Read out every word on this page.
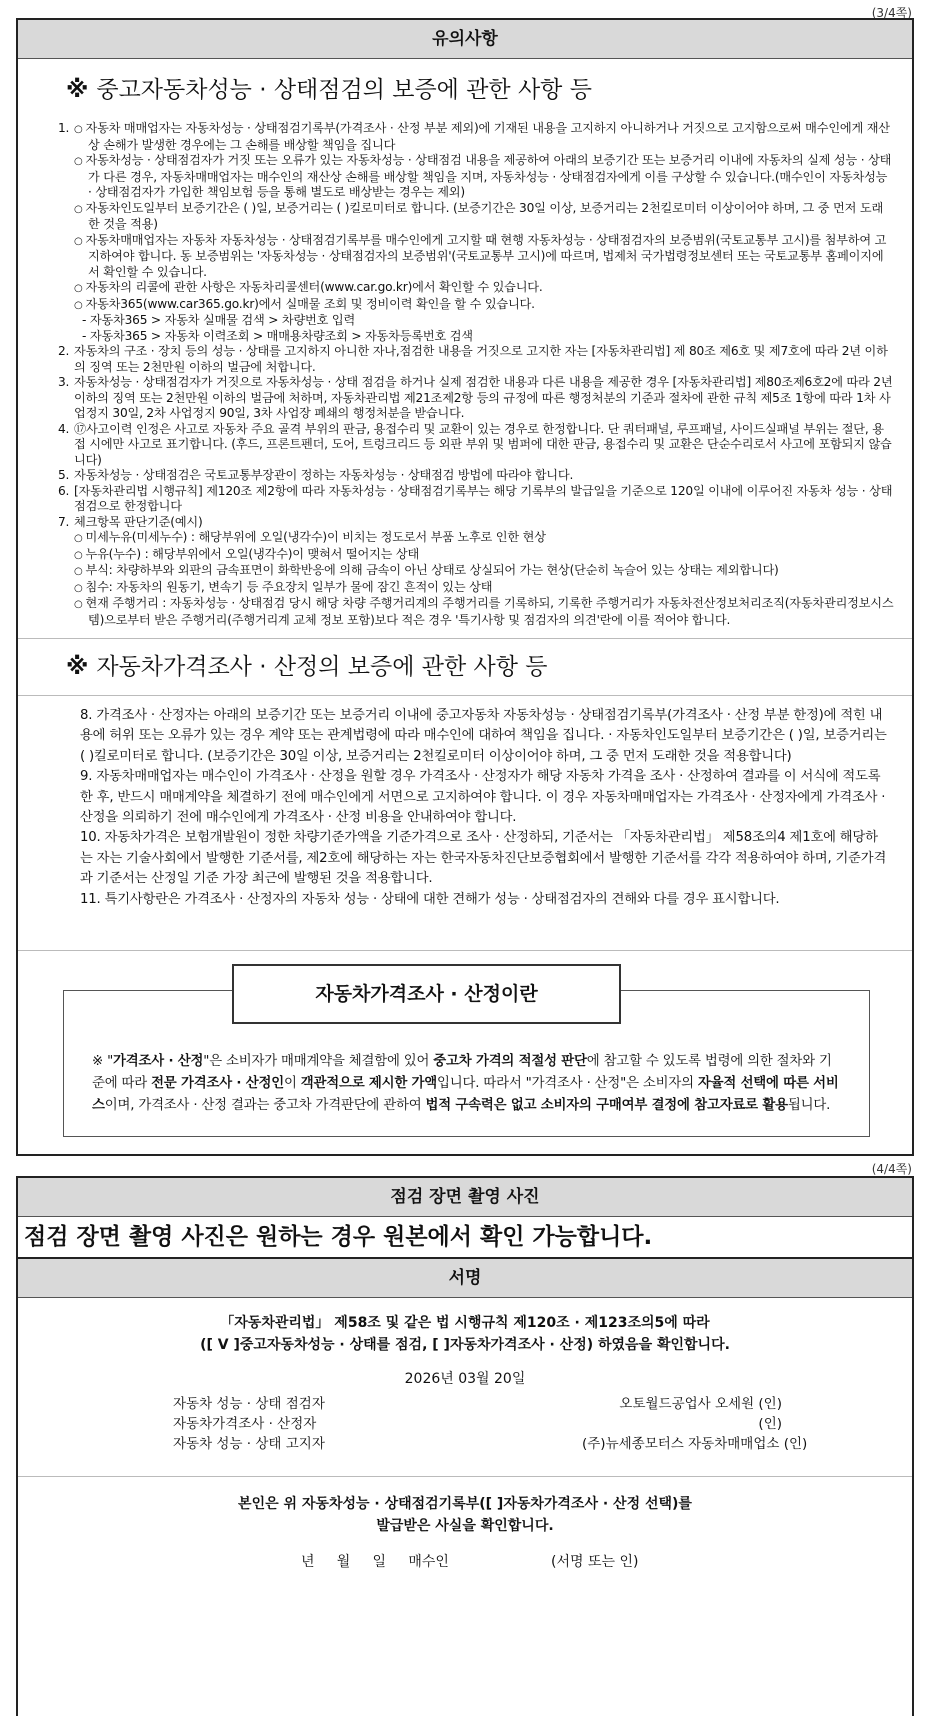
(3/4쪽)
유의사항
※ 중고자동차성능 · 상태점검의 보증에 관한 사항 등
1.
○	자동차 매매업자는 자동차성능 · 상태점검기록부(가격조사 · 산정 부분 제외)에 기재된 내용을 고지하지 아니하거나 거짓으로 고지함으로써 매수인에게 재산상 손해가 발생한 경우에는 그 손해를 배상할 책임을 집니다
○ 자동차성능 · 상태점검자가 거짓 또는 오류가 있는 자동차성능 · 상태점검 내용을 제공하여 아래의 보증기간 또는 보증거리 이내에 자동차의 실제 성능 · 상태가 다른 경우, 자동차매매업자는 매수인의 재산상 손해를 배상할 책임을 지며, 자동차성능 · 상태점검자에게 이를 구상할 수 있습니다.(매수인이 자동차성능 · 상태점검자가 가입한 책임보험 등을 통해 별도로 배상받는 경우는 제외)
○ 자동차인도일부터 보증기간은 ( )일, 보증거리는 ( )킬로미터로 합니다. (보증기간은 30일 이상, 보증거리는 2천킬로미터 이상이어야 하며, 그 중 먼저 도래한 것을 적용)
○ 자동차매매업자는 자동차 자동차성능 · 상태점검기록부를 매수인에게 고지할 때 현행 자동차성능 · 상태점검자의 보증범위(국토교통부 고시)를 첨부하여 고지하여야 합니다. 동 보증범위는 '자동차성능 · 상태점검자의 보증범위'(국토교통부 고시)에 따르며, 법제처 국가법령정보센터 또는 국토교통부 홈페이지에서 확인할 수 있습니다.
○ 자동차의 리콜에 관한 사항은 자동차리콜센터(www.car.go.kr)에서 확인할 수 있습니다.
○ 자동차365(www.car365.go.kr)에서 실매물 조회 및 정비이력 확인을 할 수 있습니다.
- 자동차365 > 자동차 실매물 검색 > 차량번호 입력
- 자동차365 > 자동차 이력조회 > 매매용차량조회 > 자동차등록번호 검색
2. 자동차의 구조 · 장치 등의 성능 · 상태를 고지하지 아니한 자나,점검한 내용을 거짓으로 고지한 자는 [자동차관리법] 제 80조 제6호 및 제7호에 따라 2년 이하의 징역 또는 2천만원 이하의 벌금에 처합니다.
3. 자동차성능 · 상태점검자가 거짓으로 자동차성능 · 상태 점검을 하거나 실제 점검한 내용과 다른 내용을 제공한 경우 [자동차관리법] 제80조제6호2에 따라 2년이하의 징역 또는 2천만원 이하의 벌금에 처하며, 자동차관리법 제21조제2항 등의 규정에 따른 행정처분의 기준과 절차에 관한 규칙 제5조 1항에 따라 1차 사업정지 30일, 2차 사업정지 90일, 3차 사업장 폐쇄의 행정처분을 받습니다.
4. ⑰사고이력 인정은 사고로 자동차 주요 골격 부위의 판금, 용접수리 및 교환이 있는 경우로 한정합니다. 단 쿼터패널, 루프패널, 사이드실패널 부위는 절단, 용접 시에만 사고로 표기합니다. (후드, 프론트펜더, 도어, 트렁크리드 등 외판 부위 및 범퍼에 대한 판금, 용접수리 및 교환은 단순수리로서 사고에 포함되지 않습니다)
5. 자동차성능 · 상태점검은 국토교통부장관이 정하는 자동차성능 · 상태점검 방법에 따라야 합니다.
6. [자동차관리법 시행규칙] 제120조 제2항에 따라 자동차성능 · 상태점검기록부는 해당 기록부의 발급일을 기준으로 120일 이내에 이루어진 자동차 성능 · 상태점검으로 한정합니다
7. 체크항목 판단기준(예시)
○ 미세누유(미세누수) : 해당부위에 오일(냉각수)이 비치는 정도로서 부품 노후로 인한 현상
○ 누유(누수) : 해당부위에서 오일(냉각수)이 맺혀서 떨어지는 상태
○ 부식: 차량하부와 외판의 금속표면이 화학반응에 의해 금속이 아닌 상태로 상실되어 가는 현상(단순히 녹슬어 있는 상태는 제외합니다)
○ 침수: 자동차의 원동기, 변속기 등 주요장치 일부가 물에 잠긴 흔적이 있는 상태
○ 현재 주행거리 : 자동차성능 · 상태점검 당시 해당 차량 주행거리계의 주행거리를 기록하되, 기록한 주행거리가 자동차전산정보처리조직(자동차관리정보시스템)으로부터 받은 주행거리(주행거리계 교체 정보 포함)보다 적은 경우 '특기사항 및 점검자의 의견'란에 이를 적어야 합니다.
※ 자동차가격조사 · 산정의 보증에 관한 사항 등
8. 가격조사 · 산정자는 아래의 보증기간 또는 보증거리 이내에 중고자동차 자동차성능 · 상태점검기록부(가격조사 · 산정 부분 한정)에 적힌 내용에 허위 또는 오류가 있는 경우 계약 또는 관계법령에 따라 매수인에 대하여 책임을 집니다. · 자동차인도일부터 보증기간은 ( )일, 보증거리는 ( )킬로미터로 합니다. (보증기간은 30일 이상, 보증거리는 2천킬로미터 이상이어야 하며, 그 중 먼저 도래한 것을 적용합니다)
9. 자동차매매업자는 매수인이 가격조사 · 산정을 원할 경우 가격조사 · 산정자가 해당 자동차 가격을 조사 · 산정하여 결과를 이 서식에 적도록 한 후, 반드시 매매계약을 체결하기 전에 매수인에게 서면으로 고지하여야 합니다. 이 경우 자동차매매업자는 가격조사 · 산정자에게 가격조사 · 산정을 의뢰하기 전에 매수인에게 가격조사 · 산정 비용을 안내하여야 합니다.
10. 자동차가격은 보험개발원이 정한 차량기준가액을 기준가격으로 조사 · 산정하되, 기준서는 「자동차관리법」 제58조의4 제1호에 해당하는 자는 기술사회에서 발행한 기준서를, 제2호에 해당하는 자는 한국자동차진단보증협회에서 발행한 기준서를 각각 적용하여야 하며, 기준가격과 기준서는 산정일 기준 가장 최근에 발행된 것을 적용합니다.
11. 특기사항란은 가격조사 · 산정자의 자동차 성능 · 상태에 대한 견해가 성능 · 상태점검자의 견해와 다를 경우 표시합니다.
※ "가격조사 · 산정"은 소비자가 매매계약을 체결함에 있어 중고차 가격의 적절성 판단에 참고할 수 있도록 법령에 의한 절차와 기준에 따라 전문 가격조사 · 산정인이 객관적으로 제시한 가액입니다. 따라서 "가격조사 · 산정"은 소비자의 자율적 선택에 따른 서비스이며, 가격조사 · 산정 결과는 중고차 가격판단에 관하여 법적 구속력은 없고 소비자의 구매여부 결정에 참고자료로 활용됩니다.
자동차가격조사 · 산정이란
(4/4쪽)
점검 장면 촬영 사진
점검 장면 촬영 사진은 원하는 경우 원본에서 확인 가능합니다.
서명
「자동차관리법」 제58조 및 같은 법 시행규칙 제120조 · 제123조의5에 따라
([ V ]중고자동차성능 · 상태를 점검, [ ]자동차가격조사 · 산정) 하였음을 확인합니다.
2026년 03월 20일
자동차 성능 · 상태 점검자	오토월드공업사 오세원 (인)
자동차가격조사 · 산정자	(인)
자동차 성능 · 상태 고지자	(주)뉴세종모터스 자동차매매업소 (인)
본인은 위 자동차성능 · 상태점검기록부([ ]자동차가격조사 · 산정 선택)를
발급받은 사실을 확인합니다.
년     월     일     매수인	(서명 또는 인)
